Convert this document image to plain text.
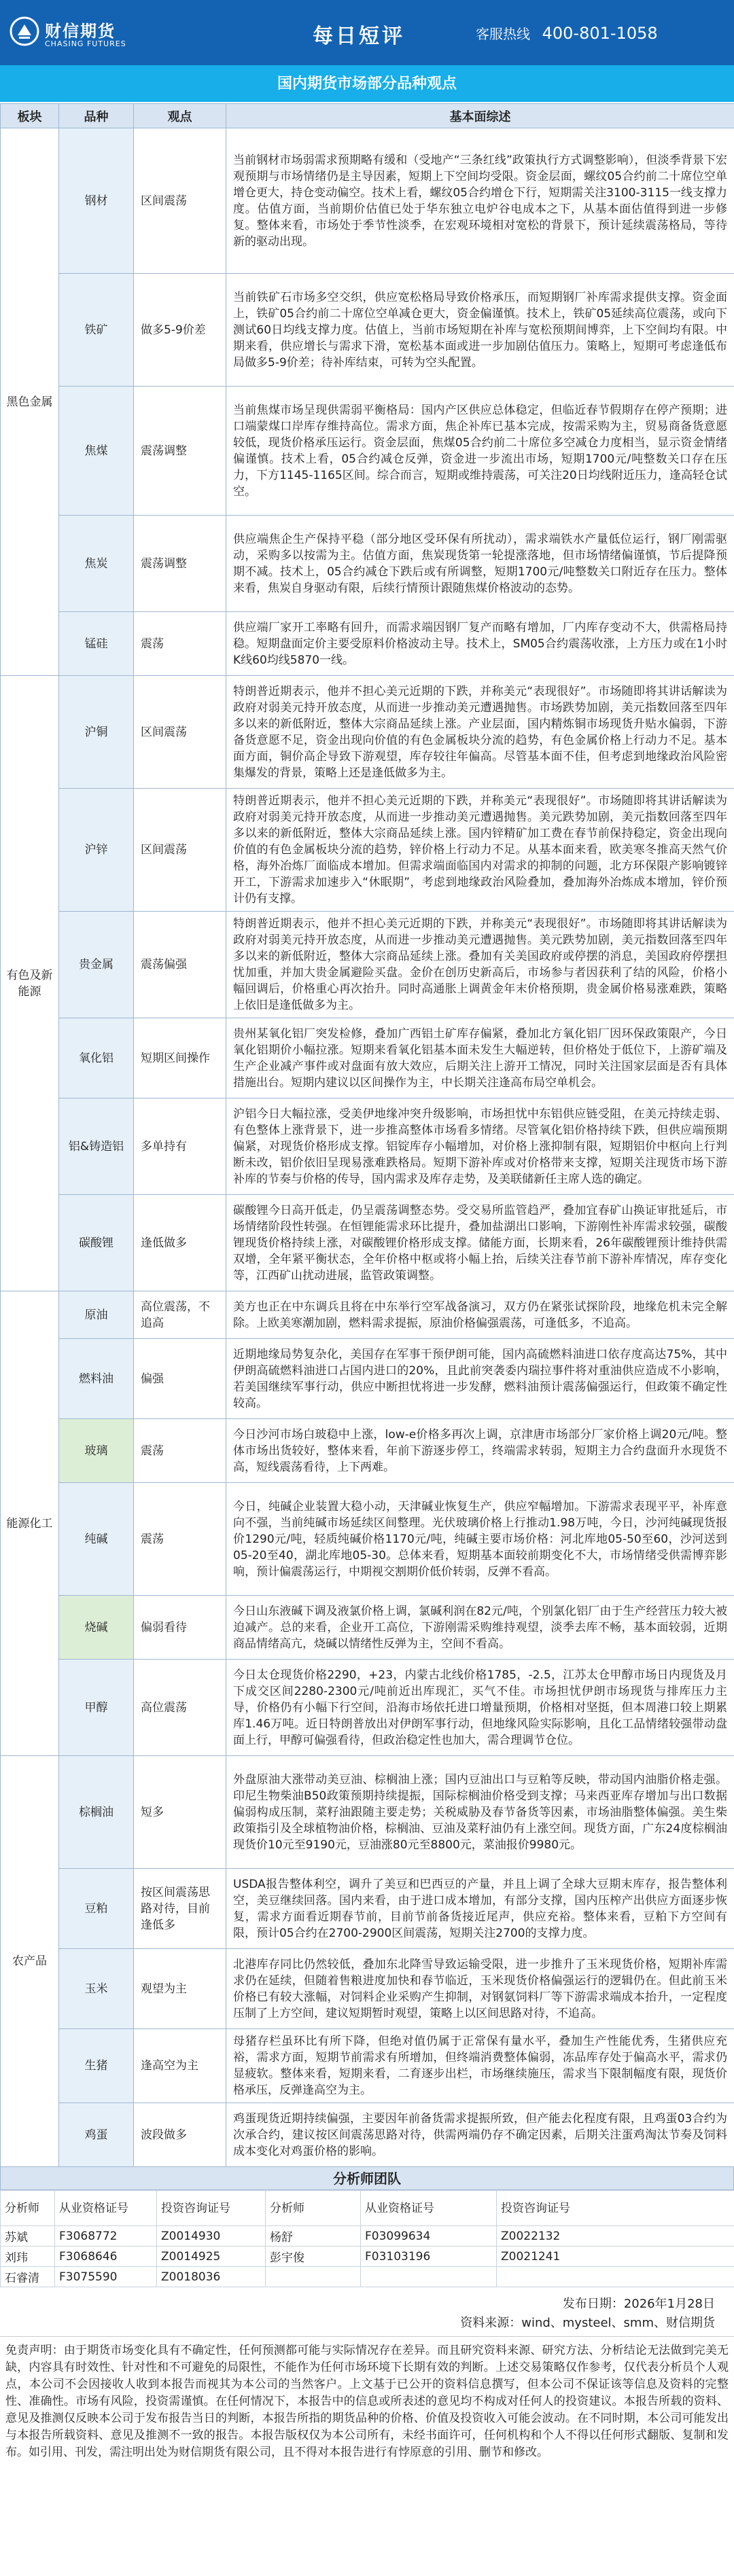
财信期货
CHASING FUTURES	每日短评	客服热线 400-801-1058
国内期货市场部分品种观点
板块	品种	观点	基本面综述
黑色金属	钢材	区间震荡	当前钢材市场弱需求预期略有缓和（受地产“三条红线”政策执行方式调整影响），但淡季背景下宏观预期与市场情绪仍是主导因素，短期上下空间均受限。资金层面，螺纹05合约前二十席位空单增仓更大，持仓变动偏空。技术上看，螺纹05合约增仓下行，短期需关注3100-3115一线支撑力度。估值方面，当前期价估值已处于华东独立电炉谷电成本之下，从基本面估值得到进一步修复。整体来看，市场处于季节性淡季，在宏观环境相对宽松的背景下，预计延续震荡格局，等待新的驱动出现。
	铁矿	做多5-9价差	当前铁矿石市场多空交织，供应宽松格局导致价格承压，而短期钢厂补库需求提供支撑。资金面上，铁矿05合约前二十席位空单减仓更大，资金偏谨慎。技术上，铁矿05延续高位震荡，或向下测试60日均线支撑力度。估值上，当前市场短期在补库与宽松预期间博弈，上下空间均有限。中期来看，供应增长与需求下滑，宽松基本面或进一步加剧估值压力。策略上，短期可考虑逢低布局做多5-9价差；待补库结束，可转为空头配置。
	焦煤	震荡调整	当前焦煤市场呈现供需弱平衡格局：国内产区供应总体稳定，但临近春节假期存在停产预期；进口端蒙煤口岸库存维持高位。需求方面，焦企补库已基本完成，按需采购为主，贸易商备货意愿较低，现货价格承压运行。资金层面，焦煤05合约前二十席位多空减仓力度相当，显示资金情绪偏谨慎。技术上看，05合约减仓反弹，资金进一步流出市场，短期1700元/吨整数关口存在压力，下方1145-1165区间。综合而言，短期或维持震荡，可关注20日均线附近压力，逢高轻仓试空。
	焦炭	震荡调整	供应端焦企生产保持平稳（部分地区受环保有所扰动），需求端铁水产量低位运行，钢厂刚需驱动，采购多以按需为主。估值方面，焦炭现货第一轮提涨落地，但市场情绪偏谨慎，节后提降预期不减。技术上，05合约减仓下跌后或有所调整，短期1700元/吨整数关口附近存在压力。整体来看，焦炭自身驱动有限，后续行情预计跟随焦煤价格波动的态势。
	锰硅	震荡	供应端厂家开工率略有回升，而需求端因钢厂复产而略有增加，厂内库存变动不大，供需格局持稳。短期盘面定价主要受原料价格波动主导。技术上，SM05合约震荡收涨，上方压力或在1小时K线60均线5870一线。
有色及新能源	沪铜	区间震荡	特朗普近期表示，他并不担心美元近期的下跌，并称美元“表现很好”。市场随即将其讲话解读为政府对弱美元持开放态度，从而进一步推动美元遭遇抛售。市场跌势加剧，美元指数回落至四年多以来的新低附近，整体大宗商品延续上涨。产业层面，国内精炼铜市场现货升贴水偏弱，下游备货意愿不足，资金出现向价值的有色金属板块分流的趋势，有色金属价格上行动力不足。基本面方面，铜价高企导致下游观望，库存较往年偏高。尽管基本面不佳，但考虑到地缘政治风险密集爆发的背景，策略上还是逢低做多为主。
	沪锌	区间震荡	特朗普近期表示，他并不担心美元近期的下跌，并称美元“表现很好”。市场随即将其讲话解读为政府对弱美元持开放态度，从而进一步推动美元遭遇抛售。美元跌势加剧，美元指数回落至四年多以来的新低附近，整体大宗商品延续上涨。国内锌精矿加工费在春节前保持稳定，资金出现向价值的有色金属板块分流的趋势，锌价格上行动力不足。从基本面来看，欧美寒冬推高天然气价格，海外冶炼厂面临成本增加。但需求端面临国内对需求的抑制的问题，北方环保限产影响镀锌开工，下游需求加速步入“休眠期”，考虑到地缘政治风险叠加，叠加海外冶炼成本增加，锌价预计仍有支撑。
	贵金属	震荡偏强	特朗普近期表示，他并不担心美元近期的下跌，并称美元“表现很好”。市场随即将其讲话解读为政府对弱美元持开放态度，从而进一步推动美元遭遇抛售。美元跌势加剧，美元指数回落至四年多以来的新低附近，整体大宗商品延续上涨。叠加有关美国政府或停摆的消息，美国政府停摆担忧加重，并加大贵金属避险买盘。金价在创历史新高后，市场参与者因获利了结的风险，价格小幅回调后，价格重心再次抬升。同时高通胀上调黄金年末价格预期，贵金属价格易涨难跌，策略上依旧是逢低做多为主。
	氧化铝	短期区间操作	贵州某氧化铝厂突发检修，叠加广西铝土矿库存偏紧，叠加北方氧化铝厂因环保政策限产，今日氧化铝期价小幅拉涨。短期来看氧化铝基本面未发生大幅逆转，但价格处于低位下，上游矿端及生产企业减产事件或对盘面有放大效应，后期关注上游开工情况，同时关注国家层面是否有具体措施出台。短期内建议以区间操作为主，中长期关注逢高布局空单机会。
	铝&铸造铝	多单持有	沪铝今日大幅拉涨，受美伊地缘冲突升级影响，市场担忧中东铝供应链受阻，在美元持续走弱、有色整体上涨背景下，进一步推高整体市场看多情绪。尽管氧化铝价格持续下跌，但供应端预期偏紧，对现货价格形成支撑。铝锭库存小幅增加，对价格上涨抑制有限，短期铝价中枢向上行判断未改，铝价依旧呈现易涨难跌格局。短期下游补库或对价格带来支撑，短期关注现货市场下游补库的节奏与价格的传导，国内需求及库存走势，及美联储新任主席人选的确定。
	碳酸锂	逢低做多	碳酸锂今日高开低走，仍呈震荡调整态势。受交易所监管趋严，叠加宜春矿山换证审批延后，市场情绪阶段性转强。在恒锂能需求环比提升，叠加盐湖出口影响，下游刚性补库需求较强，碳酸锂现货价格持续上涨，对碳酸锂价格形成支撑。储能方面，长期来看，26年碳酸锂预计维持供需双增，全年紧平衡状态，全年价格中枢或将小幅上抬，后续关注春节前下游补库情况，库存变化等，江西矿山扰动进展，监管政策调整。
能源化工	原油	高位震荡，不追高	美方也正在中东调兵且将在中东举行空军战备演习，双方仍在紧张试探阶段，地缘危机未完全解除。上欧美寒潮加剧，燃料需求提振，原油价格偏强震荡，可逢低多，不追高。
	燃料油	偏强	近期地缘局势复杂化，美国存在军事干预伊朗可能，国内高硫燃料油进口依存度高达75%，其中伊朗高硫燃料油进口占国内进口的20%，且此前突袭委内瑞拉事件将对重油供应造成不小影响，若美国继续军事行动，供应中断担忧将进一步发酵，燃料油预计震荡偏强运行，但政策不确定性较高。
	玻璃	震荡	今日沙河市场白玻稳中上涨，low-e价格多再次上调，京津唐市场部分厂家价格上调20元/吨。整体市场出货较好，整体来看，年前下游逐步停工，终端需求转弱，短期主力合约盘面升水现货不高，短线震荡看待，上下两难。
	纯碱	震荡	今日，纯碱企业装置大稳小动，天津碱业恢复生产，供应窄幅增加。下游需求表现平平，补库意向不强，当前纯碱市场延续区间整理。光伏玻璃价格上行推动1.98万吨，今日，沙河纯碱现货报价1290元/吨，轻质纯碱价格1170元/吨，纯碱主要市场价格：河北库地05-50至60，沙河送到05-20至40，湖北库地05-30。总体来看，短期基本面较前期变化不大，市场情绪受供需博弈影响，预计偏震荡运行，中期视交割期价低价转弱，反弹不看高。
	烧碱	偏弱看待	今日山东液碱下调及液氯价格上调，氯碱利润在82元/吨，个别氯化铝厂由于生产经营压力较大被迫减产。总的来看，企业开工高位，下游刚需采购维持观望，淡季去库不畅，基本面较弱，近期商品情绪高亢，烧碱以情绪性反弹为主，空间不看高。
	甲醇	高位震荡	今日太仓现货价格2290，+23，内蒙古北线价格1785，-2.5，江苏太仓甲醇市场日内现货及月下成交区间2280-2300元/吨前近出库现汇，买气不佳。市场担忧伊朗市场现货与排库压力主导，价格仍有小幅下行空间，沿海市场依托进口增量预期，价格相对坚挺，但本周港口较上期累库1.46万吨。近日特朗普放出对伊朗军事行动，但地缘风险实际影响，且化工品情绪较强带动盘面上行，甲醇可偏强看待，但政治稳定性也加大，需合理调节仓位。
农产品	棕榈油	短多	外盘原油大涨带动美豆油、棕榈油上涨；国内豆油出口与豆粕等反映，带动国内油脂价格走强。印尼生物柴油B50政策预期持续提振，国际棕榈油价格受到支撑；马来西亚库存增加与出口数据偏弱构成压制，菜籽油跟随主要走势；关税威胁及春节备货等因素，市场油脂整体偏强。美生柴政策指引及全球植物油价格，棕榈油、豆油及菜籽油仍有上涨空间。现货方面，广东24度棕榈油现货价10元至9190元，豆油涨80元至8800元，菜油报价9980元。
	豆粕	按区间震荡思路对待，目前逢低多	USDA报告整体利空，调升了美豆和巴西豆的产量，并且上调了全球大豆期末库存，报告整体利空，美豆继续回落。国内来看，由于进口成本增加，有部分支撑，国内压榨产出供应方面逐步恢复，需求方面看近期春节前，目前节前备货接近尾声，供应充裕。整体来看，豆粕下方空间有限，预计05合约在2700-2900区间震荡，短期关注2700的支撑力度。
	玉米	观望为主	北港库存同比仍然较低，叠加东北降雪导致运输受限，进一步推升了玉米现货价格，短期补库需求仍在延续，但随着售粮进度加快和春节临近，玉米现货价格偏强运行的逻辑仍在。但此前玉米价格已有较大涨幅，对饲料企业采购产生抑制，对钢氨饲料厂等下游需求端成本抬升，一定程度压制了上方空间，建议短期暂时观望，策略上以区间思路对待，不追高。
	生猪	逢高空为主	母猪存栏虽环比有所下降，但绝对值仍属于正常保有量水平，叠加生产性能优秀，生猪供应充裕，需求方面，短期节前需求有所增加，但终端消费整体偏弱，冻品库存处于偏高水平，需求仍显疲软。整体来看，短期来看，二育逐步出栏，市场继续施压，需求当下限制幅度有限，现货价格承压，反弹逢高空为主。
	鸡蛋	波段做多	鸡蛋现货近期持续偏强，主要因年前备货需求提振所致，但产能去化程度有限，且鸡蛋03合约为次承合约，建议按区间震荡思路对待，供需两端仍存不确定因素，后期关注蛋鸡淘汰节奏及饲料成本变化对鸡蛋价格的影响。
分析师团队
分析师	从业资格证号	投资咨询证号	分析师	从业资格证号	投资咨询证号
苏斌	F3068772	Z0014930	杨舒	F03099634	Z0022132
刘玮	F3068646	Z0014925	彭宇俊	F03103196	Z0021241
石睿清	F3075590	Z0018036			
发布日期：2026年1月28日
资料来源：wind、mysteel、smm、财信期货
免责声明：由于期货市场变化具有不确定性，任何预测都可能与实际情况存在差异。而且研究资料来源、研究方法、分析结论无法做到完美无缺，内容具有时效性、针对性和不可避免的局限性，不能作为任何市场环境下长期有效的判断。上述交易策略仅作参考，仅代表分析员个人观点，本公司不会因接收人收到本报告而视其为本公司的当然客户。上文基于已公开的资料信息撰写，但本公司不保证该等信息及资料的完整性、准确性。市场有风险，投资需谨慎。在任何情况下，本报告中的信息或所表述的意见均不构成对任何人的投资建议。本报告所载的资料、意见及推测仅反映本公司于发布报告当日的判断，本报告所指的期货品种的价格、价值及投资收入可能会波动。在不同时期，本公司可能发出与本报告所载资料、意见及推测不一致的报告。本报告版权仅为本公司所有，未经书面许可，任何机构和个人不得以任何形式翻版、复制和发布。如引用、刊发，需注明出处为财信期货有限公司，且不得对本报告进行有悖原意的引用、删节和修改。
